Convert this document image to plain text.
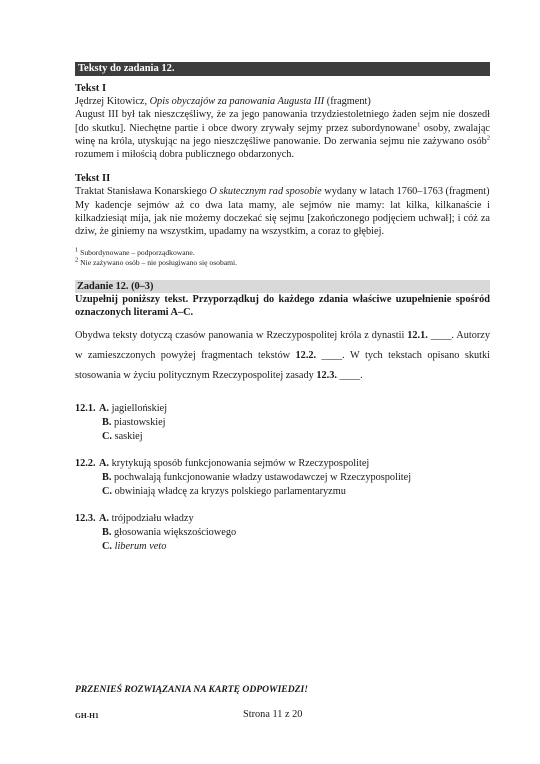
Teksty do zadania 12.
Tekst I
Jędrzej Kitowicz, Opis obyczajów za panowania Augusta III (fragment)
August III był tak nieszczęśliwy, że za jego panowania trzydziestoletniego żaden sejm nie doszedł [do skutku]. Niechętne partie i obce dwory zrywały sejmy przez subordynowane$^1$ osoby, zwalając winę na króla, utyskując na jego nieszczęśliwe panowanie. Do zerwania sejmu nie zażywano osób$^2$ rozumem i miłością dobra publicznego obdarzonych.
Tekst II
Traktat Stanisława Konarskiego O skutecznym rad sposobie wydany w latach 1760–1763 (fragment)
My kadencje sejmów aż co dwa lata mamy, ale sejmów nie mamy: lat kilka, kilkanaście i kilkadziesiąt mija, jak nie możemy doczekać się sejmu [zakończonego podjęciem uchwał]; i cóż za dziw, że giniemy na wszystkim, upadamy na wszystkim, a coraz to głębiej.
$^1$ Subordynowane – podporządkowane.
$^2$ Nie zażywano osób – nie posługiwano się osobami.
Zadanie 12. (0–3)
Uzupełnij poniższy tekst. Przyporządkuj do każdego zdania właściwe uzupełnienie spośród oznaczonych literami A–C.
Obydwa teksty dotyczą czasów panowania w Rzeczypospolitej króla z dynastii 12.1. ____. Autorzy w zamieszczonych powyżej fragmentach tekstów 12.2. ____. W tych tekstach opisano skutki stosowania w życiu politycznym Rzeczypospolitej zasady 12.3. ____.
12.1. A. jagiellońskiej
B. piastowskiej
C. saskiej
12.2. A. krytykują sposób funkcjonowania sejmów w Rzeczypospolitej
B. pochwalają funkcjonowanie władzy ustawodawczej w Rzeczypospolitej
C. obwiniają władcę za kryzys polskiego parlamentaryzmu
12.3. A. trójpodziału władzy
B. głosowania większościowego
C. liberum veto
PRZENIEŚ ROZWIĄZANIA NA KARTĘ ODPOWIEDZI!
GH-H1	Strona 11 z 20
